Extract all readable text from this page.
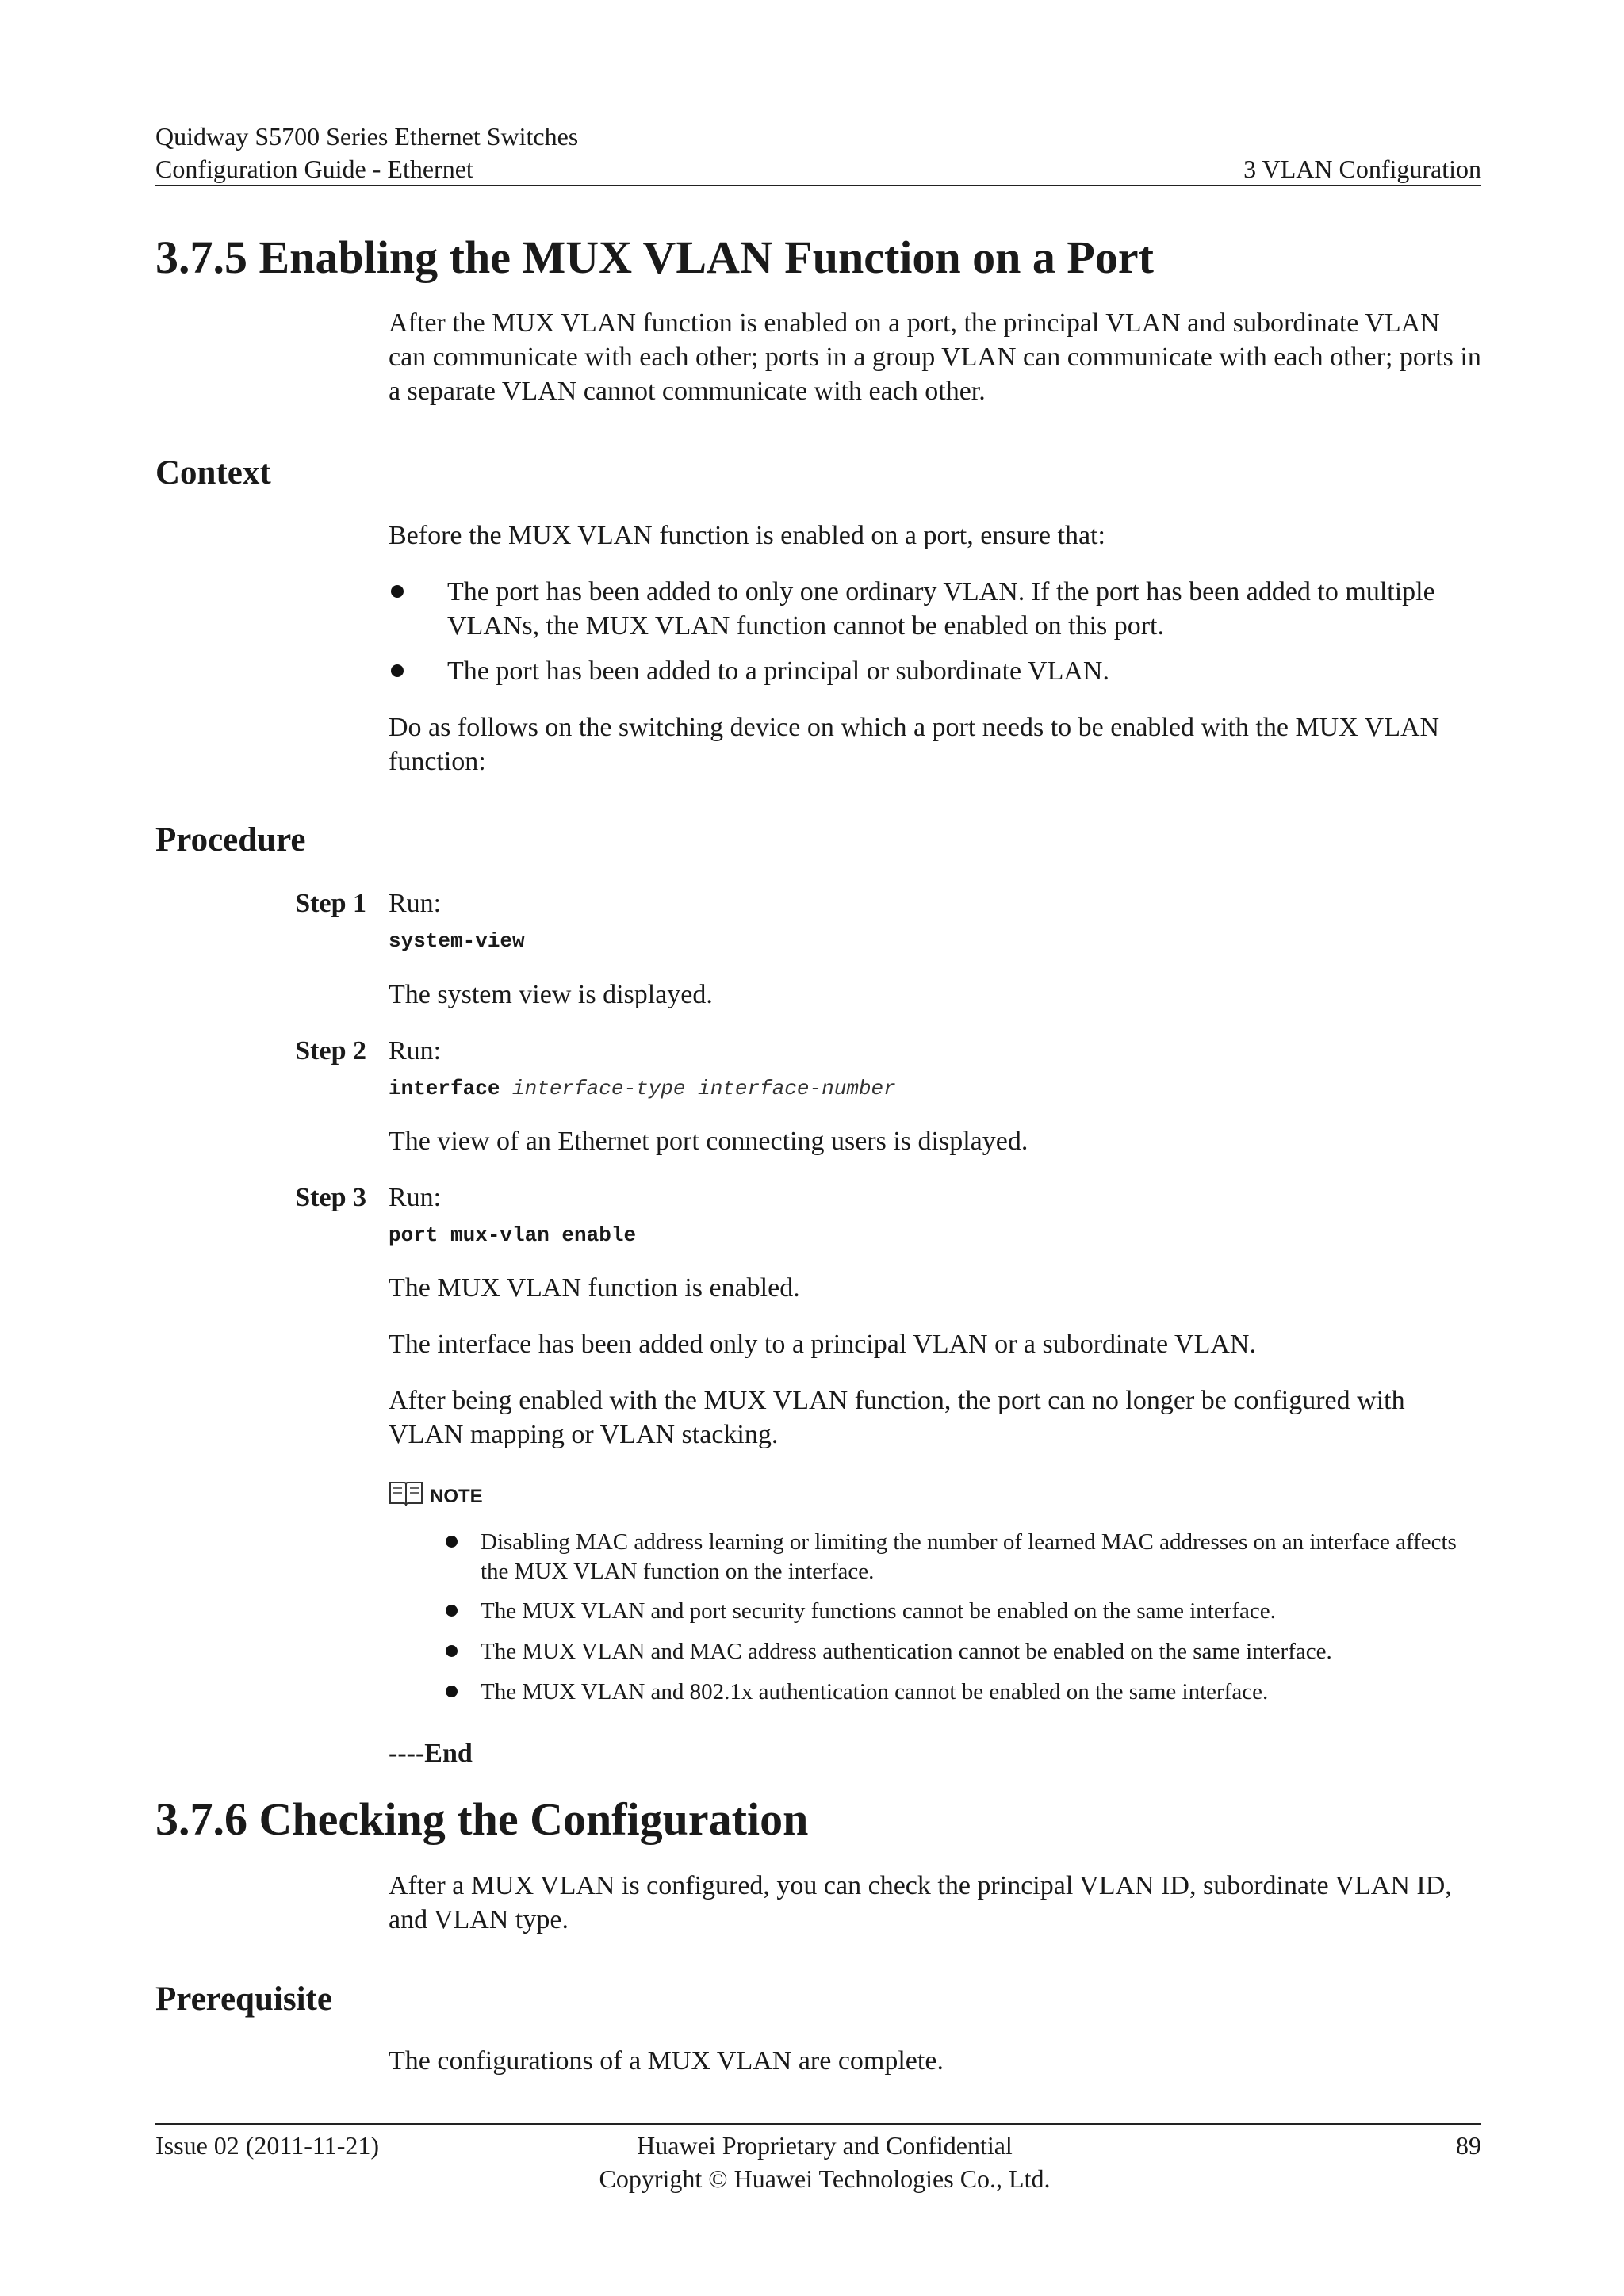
Quidway S5700 Series Ethernet Switches
Configuration Guide - Ethernet	3 VLAN Configuration
3.7.5 Enabling the MUX VLAN Function on a Port

After the MUX VLAN function is enabled on a port, the principal VLAN and subordinate VLAN can communicate with each other; ports in a group VLAN can communicate with each other; ports in a separate VLAN cannot communicate with each other.

Context

Before the MUX VLAN function is enabled on a port, ensure that:

The port has been added to only one ordinary VLAN. If the port has been added to multiple VLANs, the MUX VLAN function cannot be enabled on this port.
The port has been added to a principal or subordinate VLAN.

Do as follows on the switching device on which a port needs to be enabled with the MUX VLAN function:

Procedure
Step 1 Run:
system-view

The system view is displayed.

Step 2 Run:
interface interface-type interface-number

The view of an Ethernet port connecting users is displayed.

Step 3 Run:
port mux-vlan enable

The MUX VLAN function is enabled.

The interface has been added only to a principal VLAN or a subordinate VLAN.

After being enabled with the MUX VLAN function, the port can no longer be configured with VLAN mapping or VLAN stacking.

NOTE
Disabling MAC address learning or limiting the number of learned MAC addresses on an interface affects the MUX VLAN function on the interface.
The MUX VLAN and port security functions cannot be enabled on the same interface.
The MUX VLAN and MAC address authentication cannot be enabled on the same interface.
The MUX VLAN and 802.1x authentication cannot be enabled on the same interface.
----End
3.7.6 Checking the Configuration

After a MUX VLAN is configured, you can check the principal VLAN ID, subordinate VLAN ID, and VLAN type.

Prerequisite

The configurations of a MUX VLAN are complete.

Issue 02 (2011-11-21)	Huawei Proprietary and Confidential
Copyright © Huawei Technologies Co., Ltd.
89
